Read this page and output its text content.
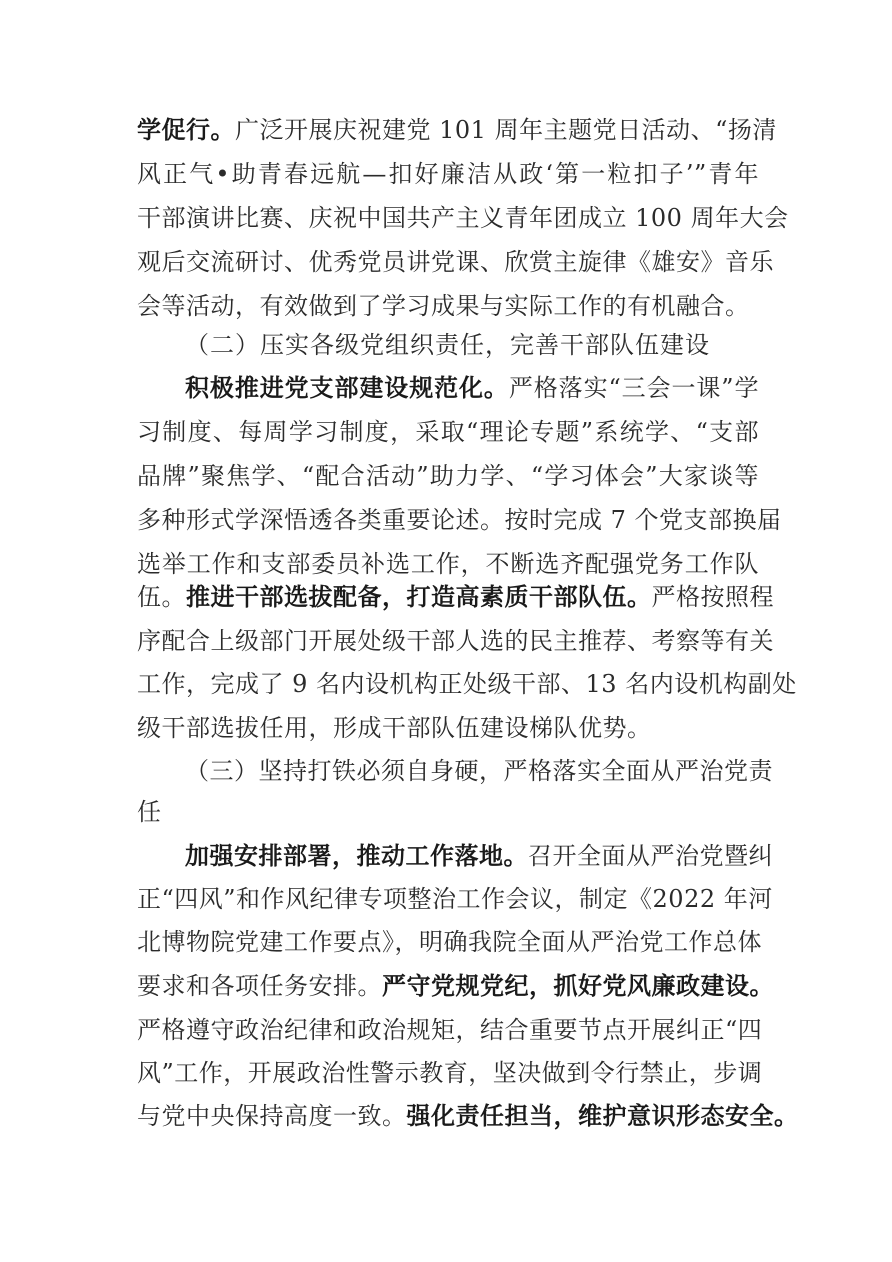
学促行。广泛开展庆祝建党 101 周年主题党日活动、“扬清
风正气•助青春远航—扣好廉洁从政‘第一粒扣子’”青年
干部演讲比赛、庆祝中国共产主义青年团成立 100 周年大会
观后交流研讨、优秀党员讲党课、欣赏主旋律《雄安》音乐
会等活动，有效做到了学习成果与实际工作的有机融合。
（二）压实各级党组织责任，完善干部队伍建设
积极推进党支部建设规范化。严格落实“三会一课”学
习制度、每周学习制度，采取“理论专题”系统学、“支部
品牌”聚焦学、“配合活动”助力学、“学习体会”大家谈等
多种形式学深悟透各类重要论述。按时完成 7 个党支部换届
选举工作和支部委员补选工作，不断选齐配强党务工作队
伍。推进干部选拔配备，打造高素质干部队伍。严格按照程
序配合上级部门开展处级干部人选的民主推荐、考察等有关
工作，完成了 9 名内设机构正处级干部、13 名内设机构副处
级干部选拔任用，形成干部队伍建设梯队优势。
（三）坚持打铁必须自身硬，严格落实全面从严治党责
任
加强安排部署，推动工作落地。召开全面从严治党暨纠
正“四风”和作风纪律专项整治工作会议，制定《2022 年河
北博物院党建工作要点》，明确我院全面从严治党工作总体
要求和各项任务安排。严守党规党纪，抓好党风廉政建设。
严格遵守政治纪律和政治规矩，结合重要节点开展纠正“四
风”工作，开展政治性警示教育，坚决做到令行禁止，步调
与党中央保持高度一致。强化责任担当，维护意识形态安全。
